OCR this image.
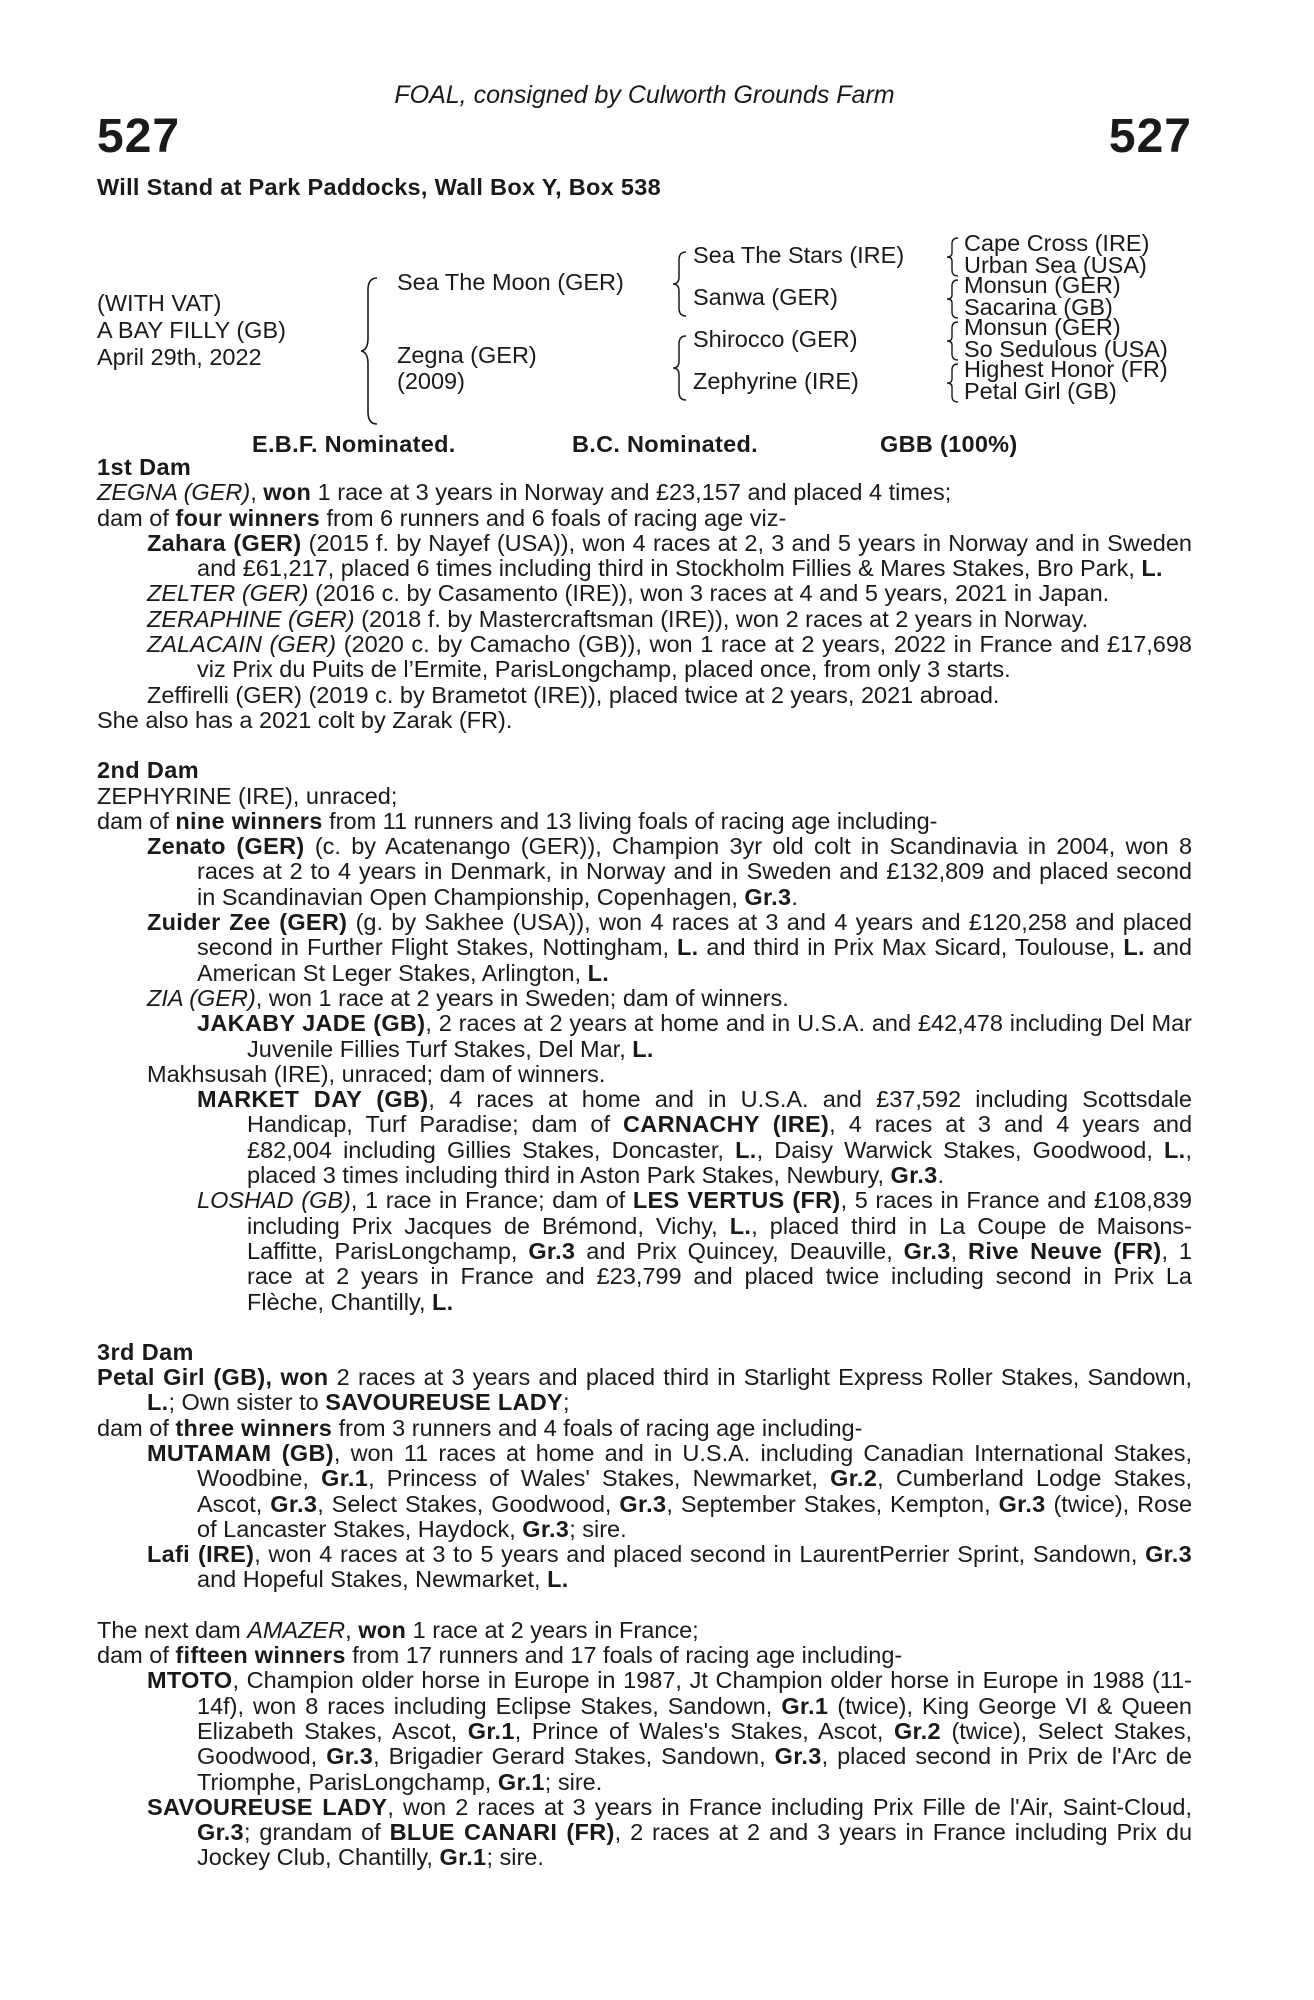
FOAL, consigned by Culworth Grounds Farm
527	527
Will Stand at Park Paddocks, Wall Box Y, Box 538
(WITH VAT)
A BAY FILLY (GB)
April 29th, 2022
Sea The Moon (GER)
Zegna (GER)
(2009)
Sea The Stars (IRE)
Sanwa (GER)
Shirocco (GER)
Zephyrine (IRE)
Cape Cross (IRE)
Urban Sea (USA)
Monsun (GER)
Sacarina (GB)
Monsun (GER)
So Sedulous (USA)
Highest Honor (FR)
Petal Girl (GB)
E.B.F. Nominated.	B.C. Nominated.	GBB (100%)
1st Dam

ZEGNA (GER), won 1 race at 3 years in Norway and £23,157 and placed 4 times;

dam of four winners from 6 runners and 6 foals of racing age viz-

Zahara (GER) (2015 f. by Nayef (USA)), won 4 races at 2, 3 and 5 years in Norway and in Sweden and £61,217, placed 6 times including third in Stockholm Fillies & Mares Stakes, Bro Park, L.

ZELTER (GER) (2016 c. by Casamento (IRE)), won 3 races at 4 and 5 years, 2021 in Japan.

ZERAPHINE (GER) (2018 f. by Mastercraftsman (IRE)), won 2 races at 2 years in Norway.

ZALACAIN (GER) (2020 c. by Camacho (GB)), won 1 race at 2 years, 2022 in France and £17,698 viz Prix du Puits de l’Ermite, ParisLongchamp, placed once, from only 3 starts.

Zeffirelli (GER) (2019 c. by Brametot (IRE)), placed twice at 2 years, 2021 abroad.

She also has a 2021 colt by Zarak (FR).

2nd Dam

ZEPHYRINE (IRE), unraced;

dam of nine winners from 11 runners and 13 living foals of racing age including-

Zenato (GER) (c. by Acatenango (GER)), Champion 3yr old colt in Scandinavia in 2004, won 8 races at 2 to 4 years in Denmark, in Norway and in Sweden and £132,809 and placed second in Scandinavian Open Championship, Copenhagen, Gr.3.

Zuider Zee (GER) (g. by Sakhee (USA)), won 4 races at 3 and 4 years and £120,258 and placed second in Further Flight Stakes, Nottingham, L. and third in Prix Max Sicard, Toulouse, L. and American St Leger Stakes, Arlington, L.

ZIA (GER), won 1 race at 2 years in Sweden; dam of winners.

JAKABY JADE (GB), 2 races at 2 years at home and in U.S.A. and £42,478 including Del Mar Juvenile Fillies Turf Stakes, Del Mar, L.

Makhsusah (IRE), unraced; dam of winners.

MARKET DAY (GB), 4 races at home and in U.S.A. and £37,592 including Scottsdale Handicap, Turf Paradise; dam of CARNACHY (IRE), 4 races at 3 and 4 years and £82,004 including Gillies Stakes, Doncaster, L., Daisy Warwick Stakes, Goodwood, L., placed 3 times including third in Aston Park Stakes, Newbury, Gr.3.

LOSHAD (GB), 1 race in France; dam of LES VERTUS (FR), 5 races in France and £108,839 including Prix Jacques de Brémond, Vichy, L., placed third in La Coupe de Maisons-Laffitte, ParisLongchamp, Gr.3 and Prix Quincey, Deauville, Gr.3, Rive Neuve (FR), 1 race at 2 years in France and £23,799 and placed twice including second in Prix La Flèche, Chantilly, L.

3rd Dam

Petal Girl (GB), won 2 races at 3 years and placed third in Starlight Express Roller Stakes, Sandown, L.; Own sister to SAVOUREUSE LADY;

dam of three winners from 3 runners and 4 foals of racing age including-

MUTAMAM (GB), won 11 races at home and in U.S.A. including Canadian International Stakes, Woodbine, Gr.1, Princess of Wales' Stakes, Newmarket, Gr.2, Cumberland Lodge Stakes, Ascot, Gr.3, Select Stakes, Goodwood, Gr.3, September Stakes, Kempton, Gr.3 (twice), Rose of Lancaster Stakes, Haydock, Gr.3; sire.

Lafi (IRE), won 4 races at 3 to 5 years and placed second in LaurentPerrier Sprint, Sandown, Gr.3 and Hopeful Stakes, Newmarket, L.

The next dam AMAZER, won 1 race at 2 years in France;

dam of fifteen winners from 17 runners and 17 foals of racing age including-

MTOTO, Champion older horse in Europe in 1987, Jt Champion older horse in Europe in 1988 (11-14f), won 8 races including Eclipse Stakes, Sandown, Gr.1 (twice), King George VI & Queen Elizabeth Stakes, Ascot, Gr.1, Prince of Wales's Stakes, Ascot, Gr.2 (twice), Select Stakes, Goodwood, Gr.3, Brigadier Gerard Stakes, Sandown, Gr.3, placed second in Prix de l'Arc de Triomphe, ParisLongchamp, Gr.1; sire.

SAVOUREUSE LADY, won 2 races at 3 years in France including Prix Fille de l'Air, Saint-Cloud, Gr.3; grandam of BLUE CANARI (FR), 2 races at 2 and 3 years in France including Prix du Jockey Club, Chantilly, Gr.1; sire.
